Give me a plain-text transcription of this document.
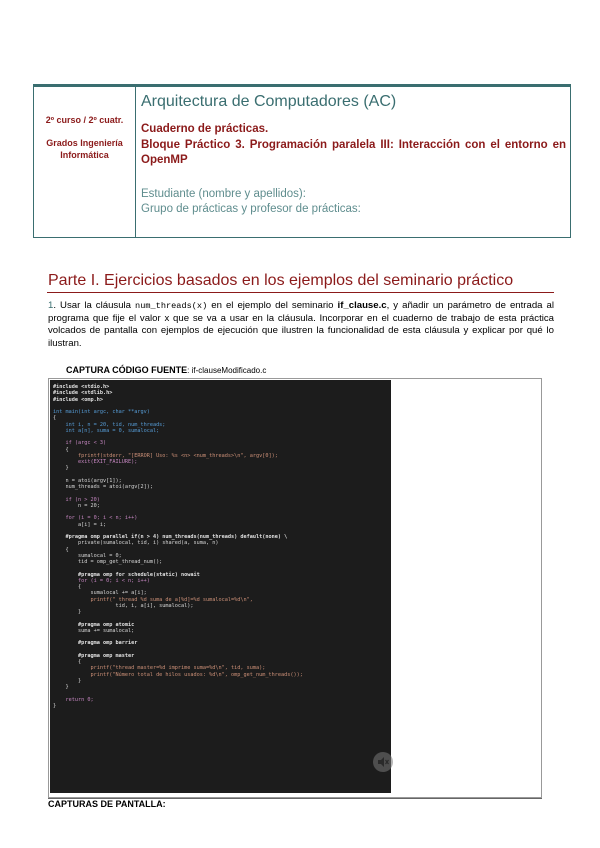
2º curso / 2º cuatr.
Grados Ingeniería Informática
Arquitectura de Computadores (AC)
Cuaderno de prácticas.
Bloque Práctico 3. Programación paralela III: Interacción con el entorno en OpenMP
Estudiante (nombre y apellidos):
Grupo de prácticas y profesor de prácticas:
Parte I. Ejercicios basados en los ejemplos del seminario práctico
1. Usar la cláusula num_threads(x) en el ejemplo del seminario if_clause.c, y añadir un parámetro de entrada al programa que fije el valor x que se va a usar en la cláusula. Incorporar en el cuaderno de trabajo de esta práctica volcados de pantalla con ejemplos de ejecución que ilustren la funcionalidad de esta cláusula y explicar por qué lo ilustran.
CAPTURA CÓDIGO FUENTE: if-clauseModificado.c
#include <stdio.h>
#include <stdlib.h>
#include <omp.h>
int main(int argc, char **argv)
{
int i, n = 20, tid, num_threads;
int a[n], suma = 0, sumalocal;
if (argc < 3)
{
fprintf(stderr, "[ERROR] Uso: %s <n> <num_threads>\n", argv[0]);
exit(EXIT_FAILURE);
}
n = atoi(argv[1]);
num_threads = atoi(argv[2]);
if (n > 20)
n = 20;
for (i = 0; i < n; i++)
a[i] = i;
#pragma omp parallel if(n > 4) num_threads(num_threads) default(none) \
private(sumalocal, tid, i) shared(a, suma, n)
{
sumalocal = 0;
tid = omp_get_thread_num();
#pragma omp for schedule(static) nowait
for (i = 0; i < n; i++)
{
sumalocal += a[i];
printf(" thread %d suma de a[%d]=%d sumalocal=%d\n",
tid, i, a[i], sumalocal);
}
#pragma omp atomic
suma += sumalocal;
#pragma omp barrier
#pragma omp master
{
printf("thread master=%d imprime suma=%d\n", tid, suma);
printf("Número total de hilos usados: %d\n", omp_get_num_threads());
}
}
return 0;
}
CAPTURAS DE PANTALLA:
